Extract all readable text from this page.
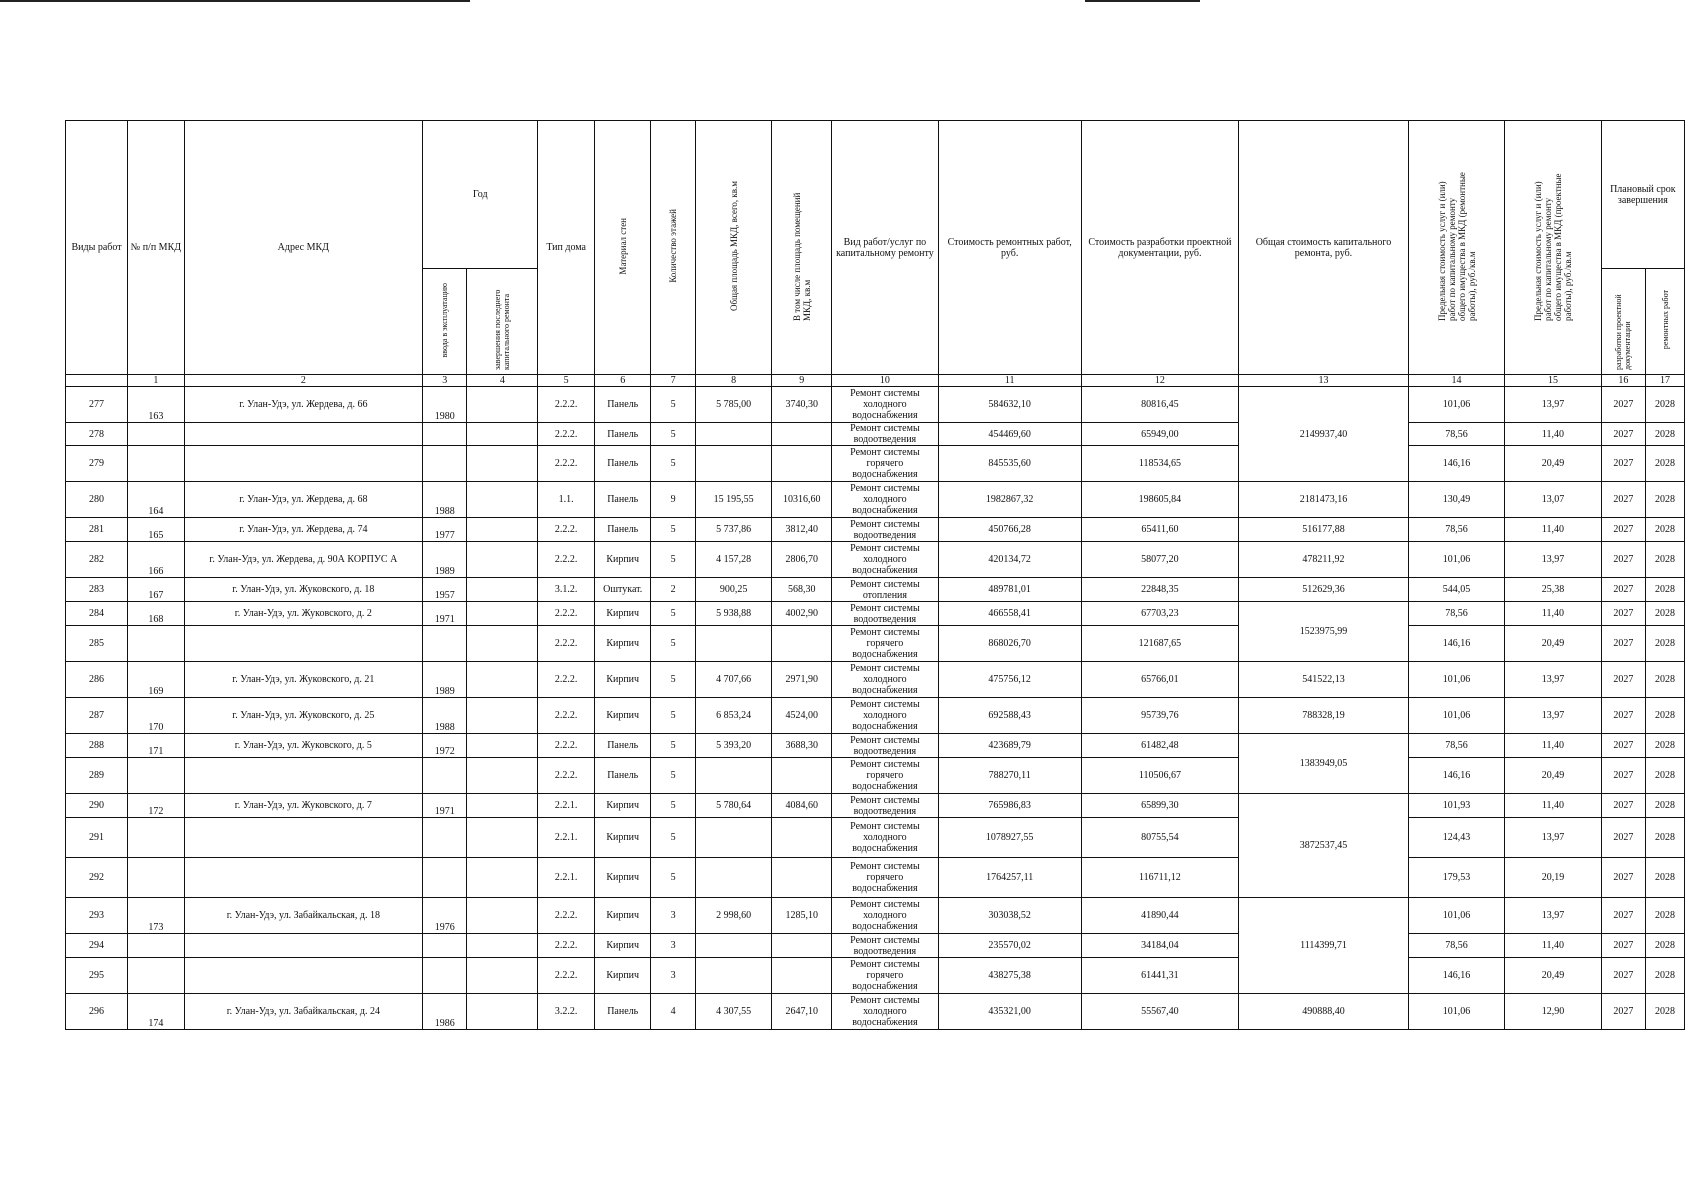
Виды работ	№ п/п МКД	Адрес МКД	Год		Тип дома	Материал стен	Количество этажей	Общая площадь МКД, всего, кв.м	В том числе площадь помещений МКД, кв.м	Вид работ/услуг по капитальному ремонту	Стоимость ремонтных работ, руб.	Стоимость разработки проектной документации, руб.	Общая стоимость капитального ремонта, руб.	Предельная стоимость услуг и (или) работ по капитальному ремонту общего имущества в МКД (ремонтные работы), руб./кв.м	Предельная стоимость услуг и (или) работ по капитальному ремонту общего имущества в МКД (проектные работы), руб./кв.м	Плановый срок завершения	
			ввода в эксплуатацию	завершения последнего капитального ремонта												разработки проектной документации	ремонтных работ
	1	2	3	4	5	6	7	8	9	10	11	12	13	14	15	16	17
277	163	г. Улан-Удэ, ул. Жердева, д. 66	1980		2.2.2.	Панель	5	5 785,00	3740,30	Ремонт системы холодного водоснабжения	584632,10	80816,45	2149937,40	101,06	13,97	2027	2028
278					2.2.2.	Панель	5			Ремонт системы водоотведения	454469,60	65949,00		78,56	11,40	2027	2028
279					2.2.2.	Панель	5			Ремонт системы горячего водоснабжения	845535,60	118534,65		146,16	20,49	2027	2028
280	164	г. Улан-Удэ, ул. Жердева, д. 68	1988		1.1.	Панель	9	15 195,55	10316,60	Ремонт системы холодного водоснабжения	1982867,32	198605,84	2181473,16	130,49	13,07	2027	2028
281	165	г. Улан-Удэ, ул. Жердева, д. 74	1977		2.2.2.	Панель	5	5 737,86	3812,40	Ремонт системы водоотведения	450766,28	65411,60	516177,88	78,56	11,40	2027	2028
282	166	г. Улан-Удэ, ул. Жердева, д. 90А КОРПУС А	1989		2.2.2.	Кирпич	5	4 157,28	2806,70	Ремонт системы холодного водоснабжения	420134,72	58077,20	478211,92	101,06	13,97	2027	2028
283	167	г. Улан-Удэ, ул. Жуковского, д. 18	1957		3.1.2.	Оштукат.	2	900,25	568,30	Ремонт системы отопления	489781,01	22848,35	512629,36	544,05	25,38	2027	2028
284	168	г. Улан-Удэ, ул. Жуковского, д. 2	1971		2.2.2.	Кирпич	5	5 938,88	4002,90	Ремонт системы водоотведения	466558,41	67703,23	1523975,99	78,56	11,40	2027	2028
285					2.2.2.	Кирпич	5			Ремонт системы горячего водоснабжения	868026,70	121687,65		146,16	20,49	2027	2028
286	169	г. Улан-Удэ, ул. Жуковского, д. 21	1989		2.2.2.	Кирпич	5	4 707,66	2971,90	Ремонт системы холодного водоснабжения	475756,12	65766,01	541522,13	101,06	13,97	2027	2028
287	170	г. Улан-Удэ, ул. Жуковского, д. 25	1988		2.2.2.	Кирпич	5	6 853,24	4524,00	Ремонт системы холодного водоснабжения	692588,43	95739,76	788328,19	101,06	13,97	2027	2028
288	171	г. Улан-Удэ, ул. Жуковского, д. 5	1972		2.2.2.	Панель	5	5 393,20	3688,30	Ремонт системы водоотведения	423689,79	61482,48	1383949,05	78,56	11,40	2027	2028
289					2.2.2.	Панель	5			Ремонт системы горячего водоснабжения	788270,11	110506,67		146,16	20,49	2027	2028
290	172	г. Улан-Удэ, ул. Жуковского, д. 7	1971		2.2.1.	Кирпич	5	5 780,64	4084,60	Ремонт системы водоотведения	765986,83	65899,30	3872537,45	101,93	11,40	2027	2028
291					2.2.1.	Кирпич	5			Ремонт системы холодного водоснабжения	1078927,55	80755,54		124,43	13,97	2027	2028
292					2.2.1.	Кирпич	5			Ремонт системы горячего водоснабжения	1764257,11	116711,12		179,53	20,19	2027	2028
293	173	г. Улан-Удэ, ул. Забайкальская, д. 18	1976		2.2.2.	Кирпич	3	2 998,60	1285,10	Ремонт системы холодного водоснабжения	303038,52	41890,44	1114399,71	101,06	13,97	2027	2028
294					2.2.2.	Кирпич	3			Ремонт системы водоотведения	235570,02	34184,04		78,56	11,40	2027	2028
295					2.2.2.	Кирпич	3			Ремонт системы горячего водоснабжения	438275,38	61441,31		146,16	20,49	2027	2028
296	174	г. Улан-Удэ, ул. Забайкальская, д. 24	1986		3.2.2.	Панель	4	4 307,55	2647,10	Ремонт системы холодного водоснабжения	435321,00	55567,40	490888,40	101,06	12,90	2027	2028
